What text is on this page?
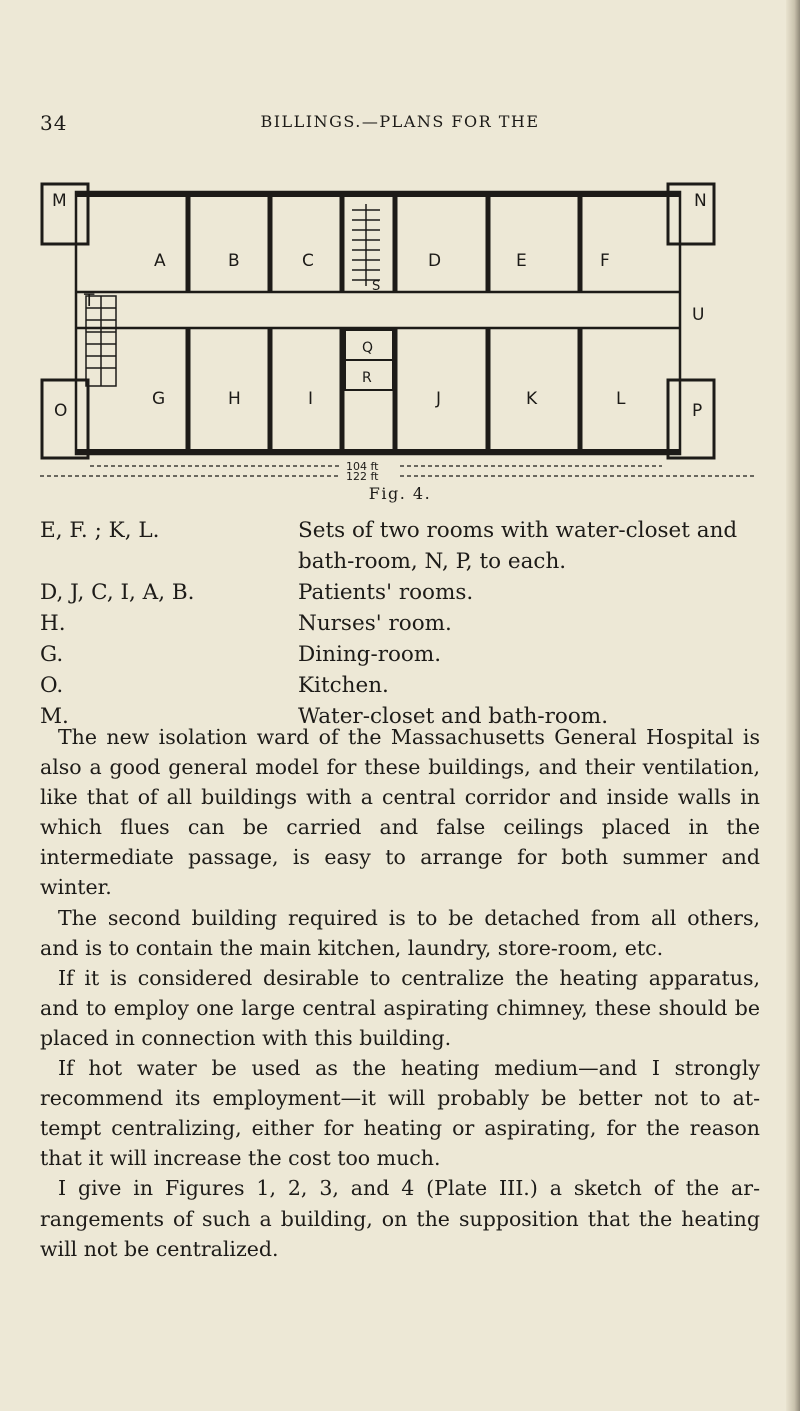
34	BILLINGS.—PLANS FOR THE
M
A	B	C
S
D	E	F
N
T
U
G	H	I
Q
R
J	K	L
O	P
104 ft
122 ft
Fig. 4.
E, F. ; K, L.	Sets of two rooms with water-closet and bath-room, N, P, to each.
D, J, C, I, A, B.	Patients' rooms.
H.	Nurses' room.
G.	Dining-room.
O.	Kitchen.
M.	Water-closet and bath-room.

The new isolation ward of the Massachusetts General Hospital is also a good general model for these buildings, and their ventilation, like that of all buildings with a central corridor and inside walls in which flues can be carried and false ceilings placed in the intermediate passage, is easy to arrange for both summer and winter.

The second building required is to be detached from all others, and is to contain the main kitchen, laundry, store-room, etc.

If it is considered desirable to centralize the heating apparatus, and to employ one large central aspirating chimney, these should be placed in connection with this building.

If hot water be used as the heating medium—and I strongly recommend its employment—it will probably be better not to attempt centralizing, either for heating or aspirating, for the reason that it will increase the cost too much.

I give in Figures 1, 2, 3, and 4 (Plate III.) a sketch of the arrangements of such a building, on the supposition that the heating will not be centralized.
